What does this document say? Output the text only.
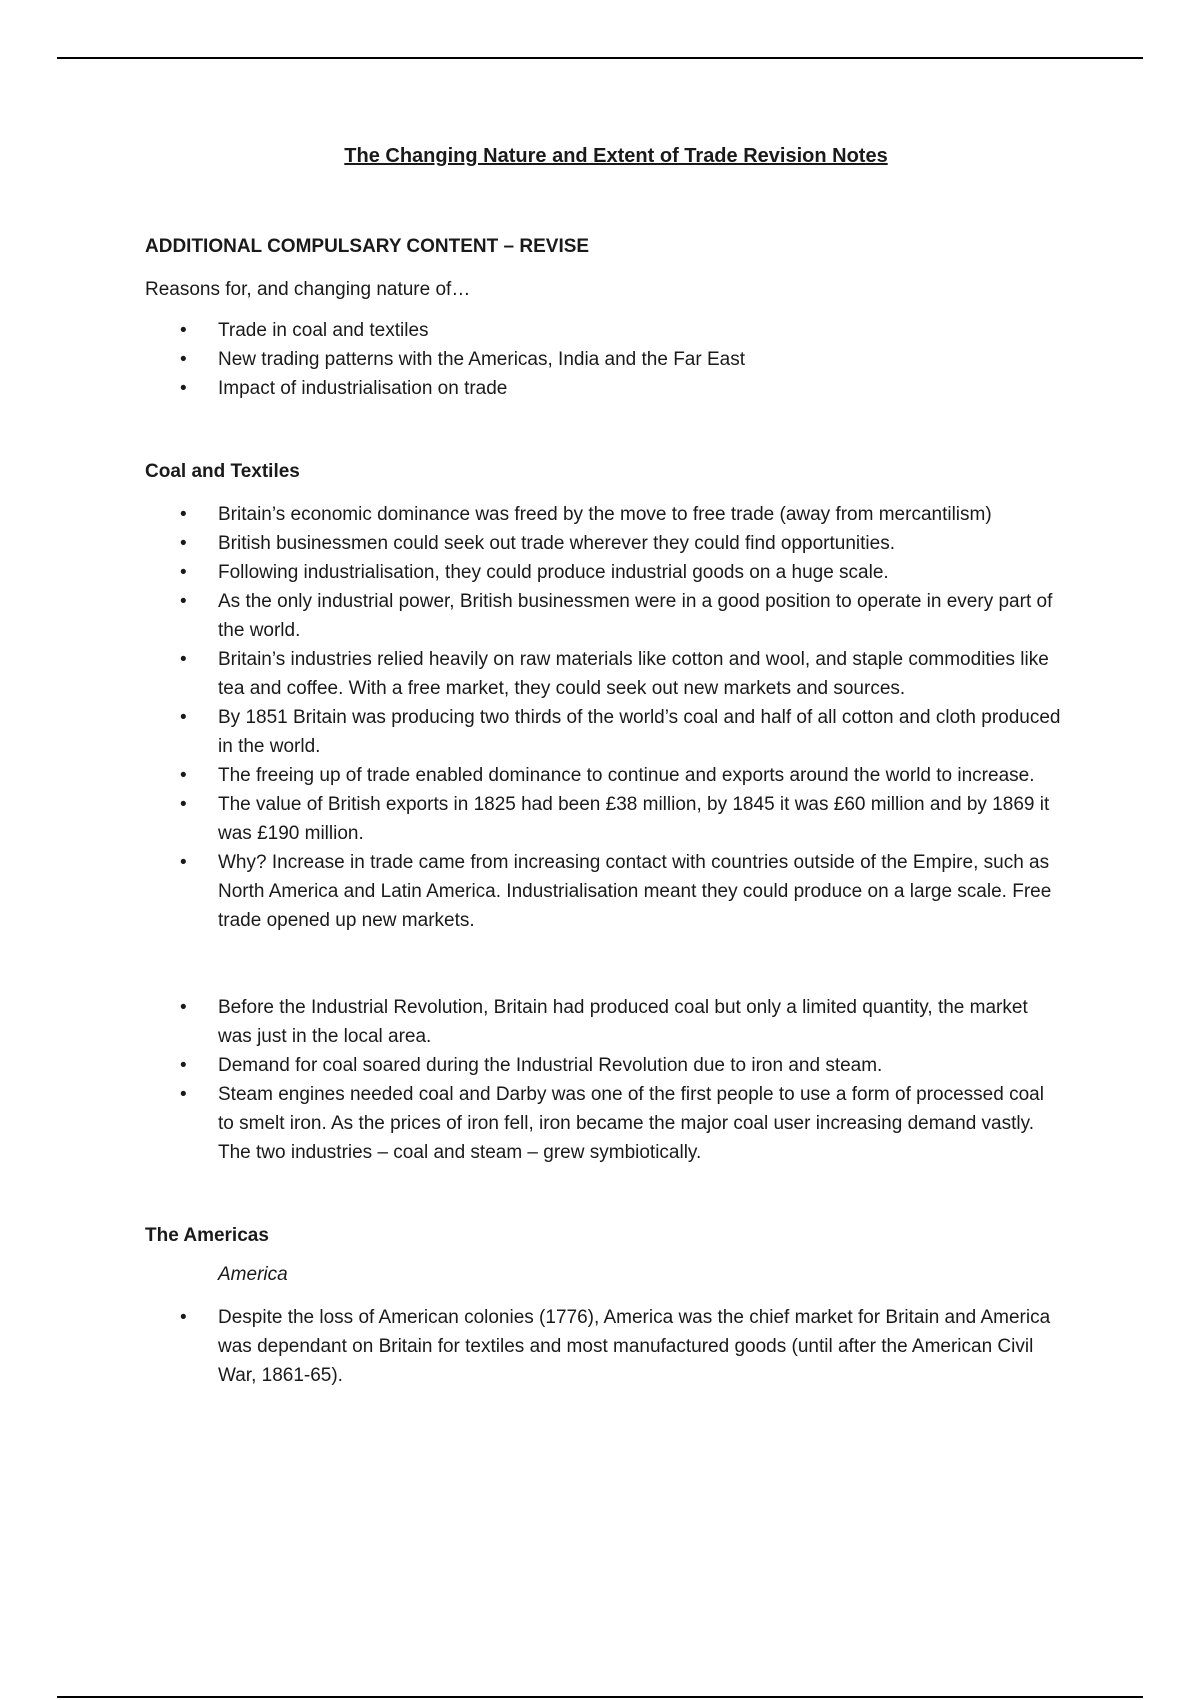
The Changing Nature and Extent of Trade Revision Notes

ADDITIONAL COMPULSARY CONTENT – REVISE

Reasons for, and changing nature of…

• Trade in coal and textiles
• New trading patterns with the Americas, India and the Far East
• Impact of industrialisation on trade

Coal and Textiles

• Britain’s economic dominance was freed by the move to free trade (away from mercantilism)
• British businessmen could seek out trade wherever they could find opportunities.
• Following industrialisation, they could produce industrial goods on a huge scale.
• As the only industrial power, British businessmen were in a good position to operate in every part of the world.
• Britain’s industries relied heavily on raw materials like cotton and wool, and staple commodities like tea and coffee. With a free market, they could seek out new markets and sources.
• By 1851 Britain was producing two thirds of the world’s coal and half of all cotton and cloth produced in the world.
• The freeing up of trade enabled dominance to continue and exports around the world to increase.
• The value of British exports in 1825 had been £38 million, by 1845 it was £60 million and by 1869 it was £190 million.
• Why? Increase in trade came from increasing contact with countries outside of the Empire, such as North America and Latin America. Industrialisation meant they could produce on a large scale. Free trade opened up new markets.
• Before the Industrial Revolution, Britain had produced coal but only a limited quantity, the market was just in the local area.
• Demand for coal soared during the Industrial Revolution due to iron and steam.
• Steam engines needed coal and Darby was one of the first people to use a form of processed coal to smelt iron. As the prices of iron fell, iron became the major coal user increasing demand vastly. The two industries – coal and steam – grew symbiotically.

The Americas

America

• Despite the loss of American colonies (1776), America was the chief market for Britain and America was dependant on Britain for textiles and most manufactured goods (until after the American Civil War, 1861-65).
